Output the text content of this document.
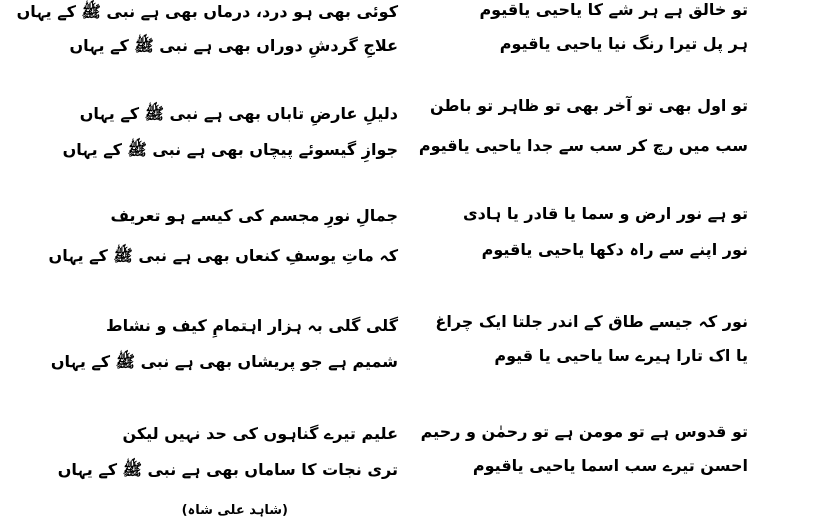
تو خالق ہے ہر شے کا یاحیی یاقیوم
ہر پل تیرا رنگ نیا یاحیی یاقیوم
تو اول بھی تو آخر بھی تو ظاہر تو باطن
سب میں رچ کر سب سے جدا یاحیی یاقیوم
تو ہے نور ارض و سما یا قادر یا ہادی
نور اپنے سے راہ دکھا یاحیی یاقیوم
نور کہ جیسے طاق کے اندر جلتا ایک چراغ
یا اک تارا ہیرے سا یاحیی یا قیوم
تو قدوس ہے تو مومن ہے تو رحمٰن و رحیم
احسن تیرے سب اسما یاحیی یاقیوم
کوئی بھی ہو درد، درماں بھی ہے نبی ﷺ کے یہاں
علاجِ گردشِ دوراں بھی ہے نبی ﷺ کے یہاں
دلیلِ عارضِ تاباں بھی ہے نبی ﷺ کے یہاں
جوازِ گیسوئے پیچاں بھی ہے نبی ﷺ کے یہاں
جمالِ نورِ مجسم کی کیسے ہو تعریف
کہ ماتِ یوسفِ کنعاں بھی ہے نبی ﷺ کے یہاں
گلی گلی بہ ہزار اہتمامِ کیف و نشاط
شمیم ہے جو پریشاں بھی ہے نبی ﷺ کے یہاں
علیم تیرے گناہوں کی حد نہیں لیکن
تری نجات کا ساماں بھی ہے نبی ﷺ کے یہاں
(شاہد علی شاہ)
